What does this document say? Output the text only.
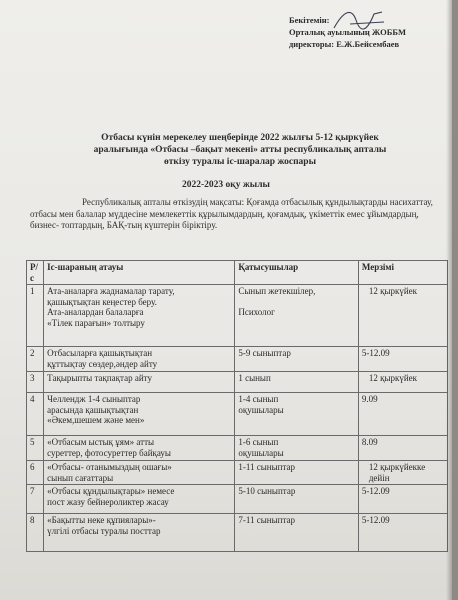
Бекітемін:
Орталық ауылының ЖОББМ
директоры: Е.Ж.Бейсембаев
Отбасы күнін мерекелеу шеңберінде 2022 жылғы 5-12 қыркүйек
аралығында «Отбасы –бақыт мекені» атты республикалық апталы
өткізу туралы іс-шаралар жоспары
2022-2023 оқу жылы
Республикалық апталы өткізудің мақсаты: Қоғамда отбасылық құндылықтарды насихаттау, отбасы мен балалар мүддесіне мемлекеттік құрылымдардың, қоғамдық, үкіметтік емес ұйымдардың, бизнес- топтардың, БАҚ-тың күштерін біріктіру.
Р/с	Іс-шараның атауы	Қатысушылар	Мерзімі
1	Ата-аналарға жаднамалар тарату,
қашықтықтан кеңестер беру.
Ата-аналардан балаларға
«Тілек парағын» толтыру	Сынып жетекшілер,

Психолог	12 қыркүйек
2	Отбасыларға қашықтықтан
құттықтау сөздер,әндер айту	5-9 сыныптар	5-12.09
3	Тақырыпты тақпақтар айту	1 сынып	12 қыркүйек
4	Челлендж 1-4 сыныптар
арасында қашықтықтан
«Әкем,шешем және мен»	1-4 сынып
оқушылары	9.09
5	«Отбасым ыстық ұям» атты
суреттер, фотосуреттер байқауы	1-6 сынып
оқушылары	8.09
6	«Отбасы- отанымыздың ошағы»
сынып сағаттары	1-11 сыныптар	12 қыркүйекке дейін
7	«Отбасы құндылықтары» немесе
пост жазу бейнероликтер жасау	5-10 сыныптар	5-12.09
8	«Бақытты неке құпиялары»-
үлгілі отбасы туралы посттар	7-11 сыныптар	5-12.09
